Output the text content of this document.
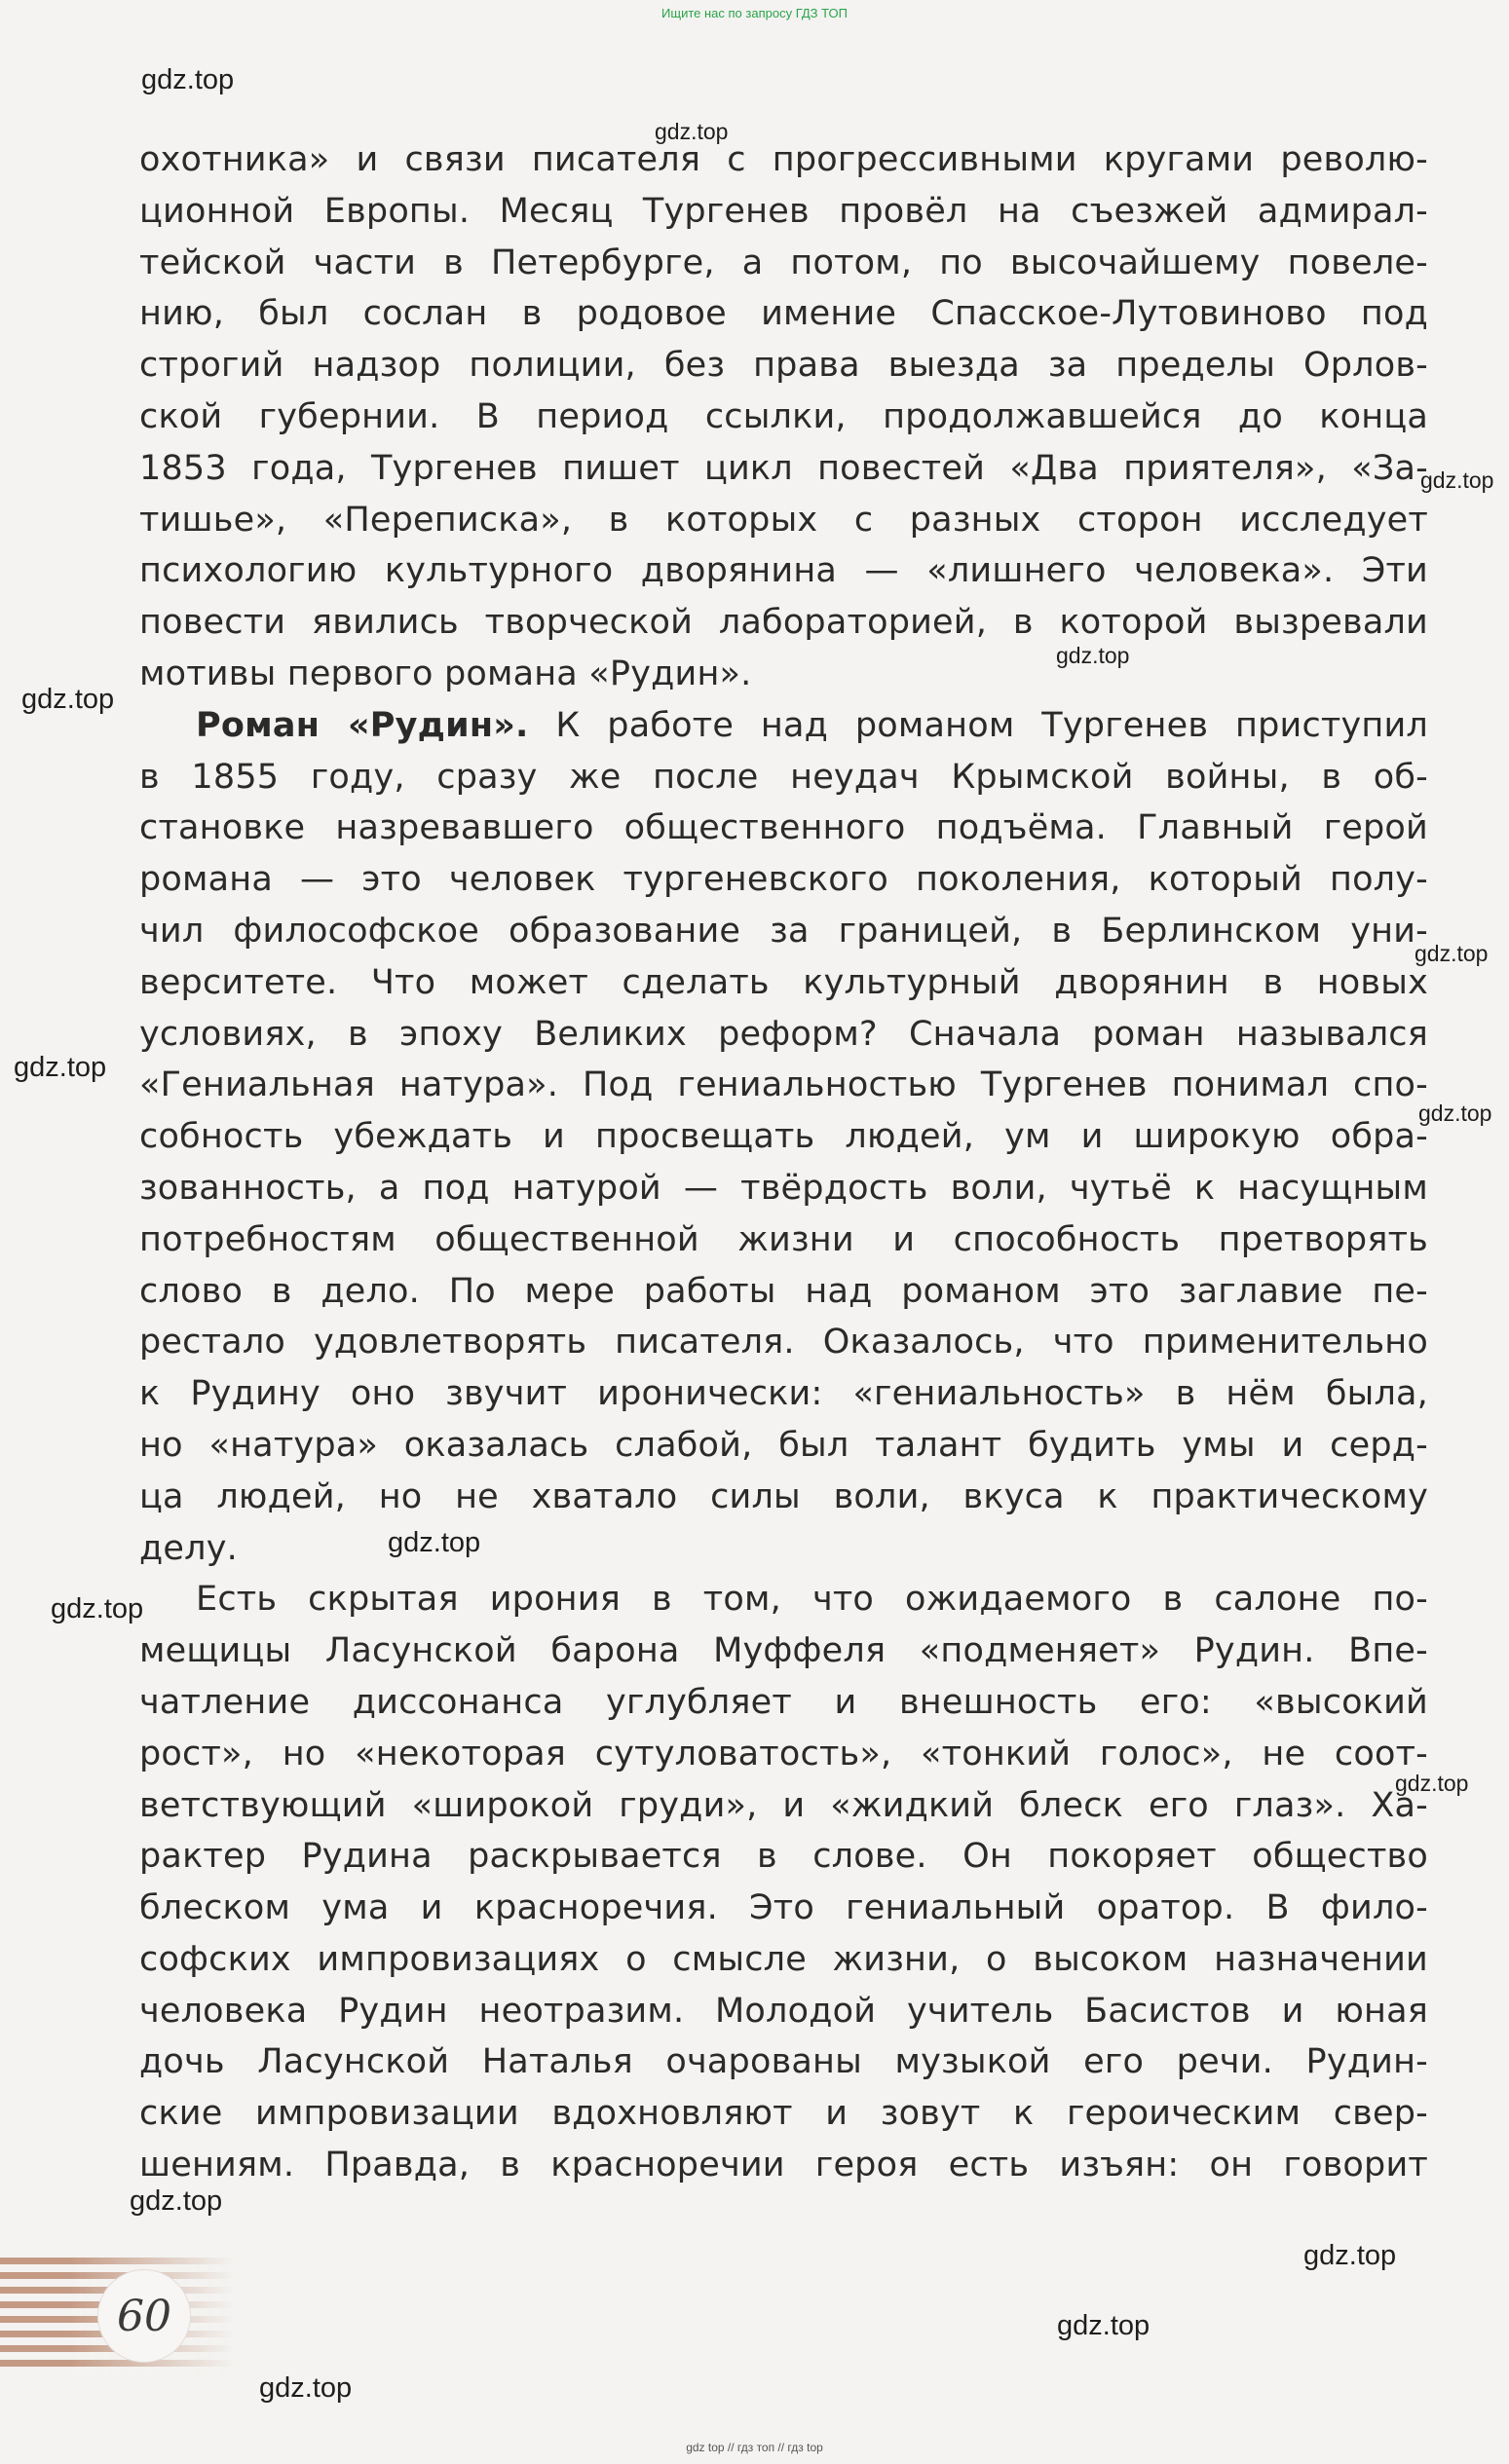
Ищите нас по запросу ГДЗ ТОП
охотника» и связи писателя с прогрессивными кругами револю-
ционной Европы. Месяц Тургенев провёл на съезжей адмирал-
тейской части в Петербурге, а потом, по высочайшему повеле-
нию, был сослан в родовое имение Спасское-Лутовиново под
строгий надзор полиции, без права выезда за пределы Орлов-
ской губернии. В период ссылки, продолжавшейся до конца
1853 года, Тургенев пишет цикл повестей «Два приятеля», «За-
тишье», «Переписка», в которых с разных сторон исследует
психологию культурного дворянина — «лишнего человека». Эти
повести явились творческой лабораторией, в которой вызревали
мотивы первого романа «Рудин».
Роман «Рудин». К работе над романом Тургенев приступил
в 1855 году, сразу же после неудач Крымской войны, в об-
становке назревавшего общественного подъёма. Главный герой
романа — это человек тургеневского поколения, который полу-
чил философское образование за границей, в Берлинском уни-
верситете. Что может сделать культурный дворянин в новых
условиях, в эпоху Великих реформ? Сначала роман назывался
«Гениальная натура». Под гениальностью Тургенев понимал спо-
собность убеждать и просвещать людей, ум и широкую обра-
зованность, а под натурой — твёрдость воли, чутьё к насущным
потребностям общественной жизни и способность претворять
слово в дело. По мере работы над романом это заглавие пе-
рестало удовлетворять писателя. Оказалось, что применительно
к Рудину оно звучит иронически: «гениальность» в нём была,
но «натура» оказалась слабой, был талант будить умы и серд-
ца людей, но не хватало силы воли, вкуса к практическому
делу.
Есть скрытая ирония в том, что ожидаемого в салоне по-
мещицы Ласунской барона Муффеля «подменяет» Рудин. Впе-
чатление диссонанса углубляет и внешность его: «высокий
рост», но «некоторая сутуловатость», «тонкий голос», не соот-
ветствующий «широкой груди», и «жидкий блеск его глаз». Ха-
рактер Рудина раскрывается в слове. Он покоряет общество
блеском ума и красноречия. Это гениальный оратор. В фило-
софских импровизациях о смысле жизни, о высоком назначении
человека Рудин неотразим. Молодой учитель Басистов и юная
дочь Ласунской Наталья очарованы музыкой его речи. Рудин-
ские импровизации вдохновляют и зовут к героическим свер-
шениям. Правда, в красноречии героя есть изъян: он говорит
gdz.top
gdz.top
gdz.top
gdz.top
gdz.top
gdz.top
gdz.top
gdz.top
gdz.top
gdz.top
gdz.top
gdz.top
gdz.top
gdz.top
gdz.top
60
gdz top // гдз топ // гдз top
